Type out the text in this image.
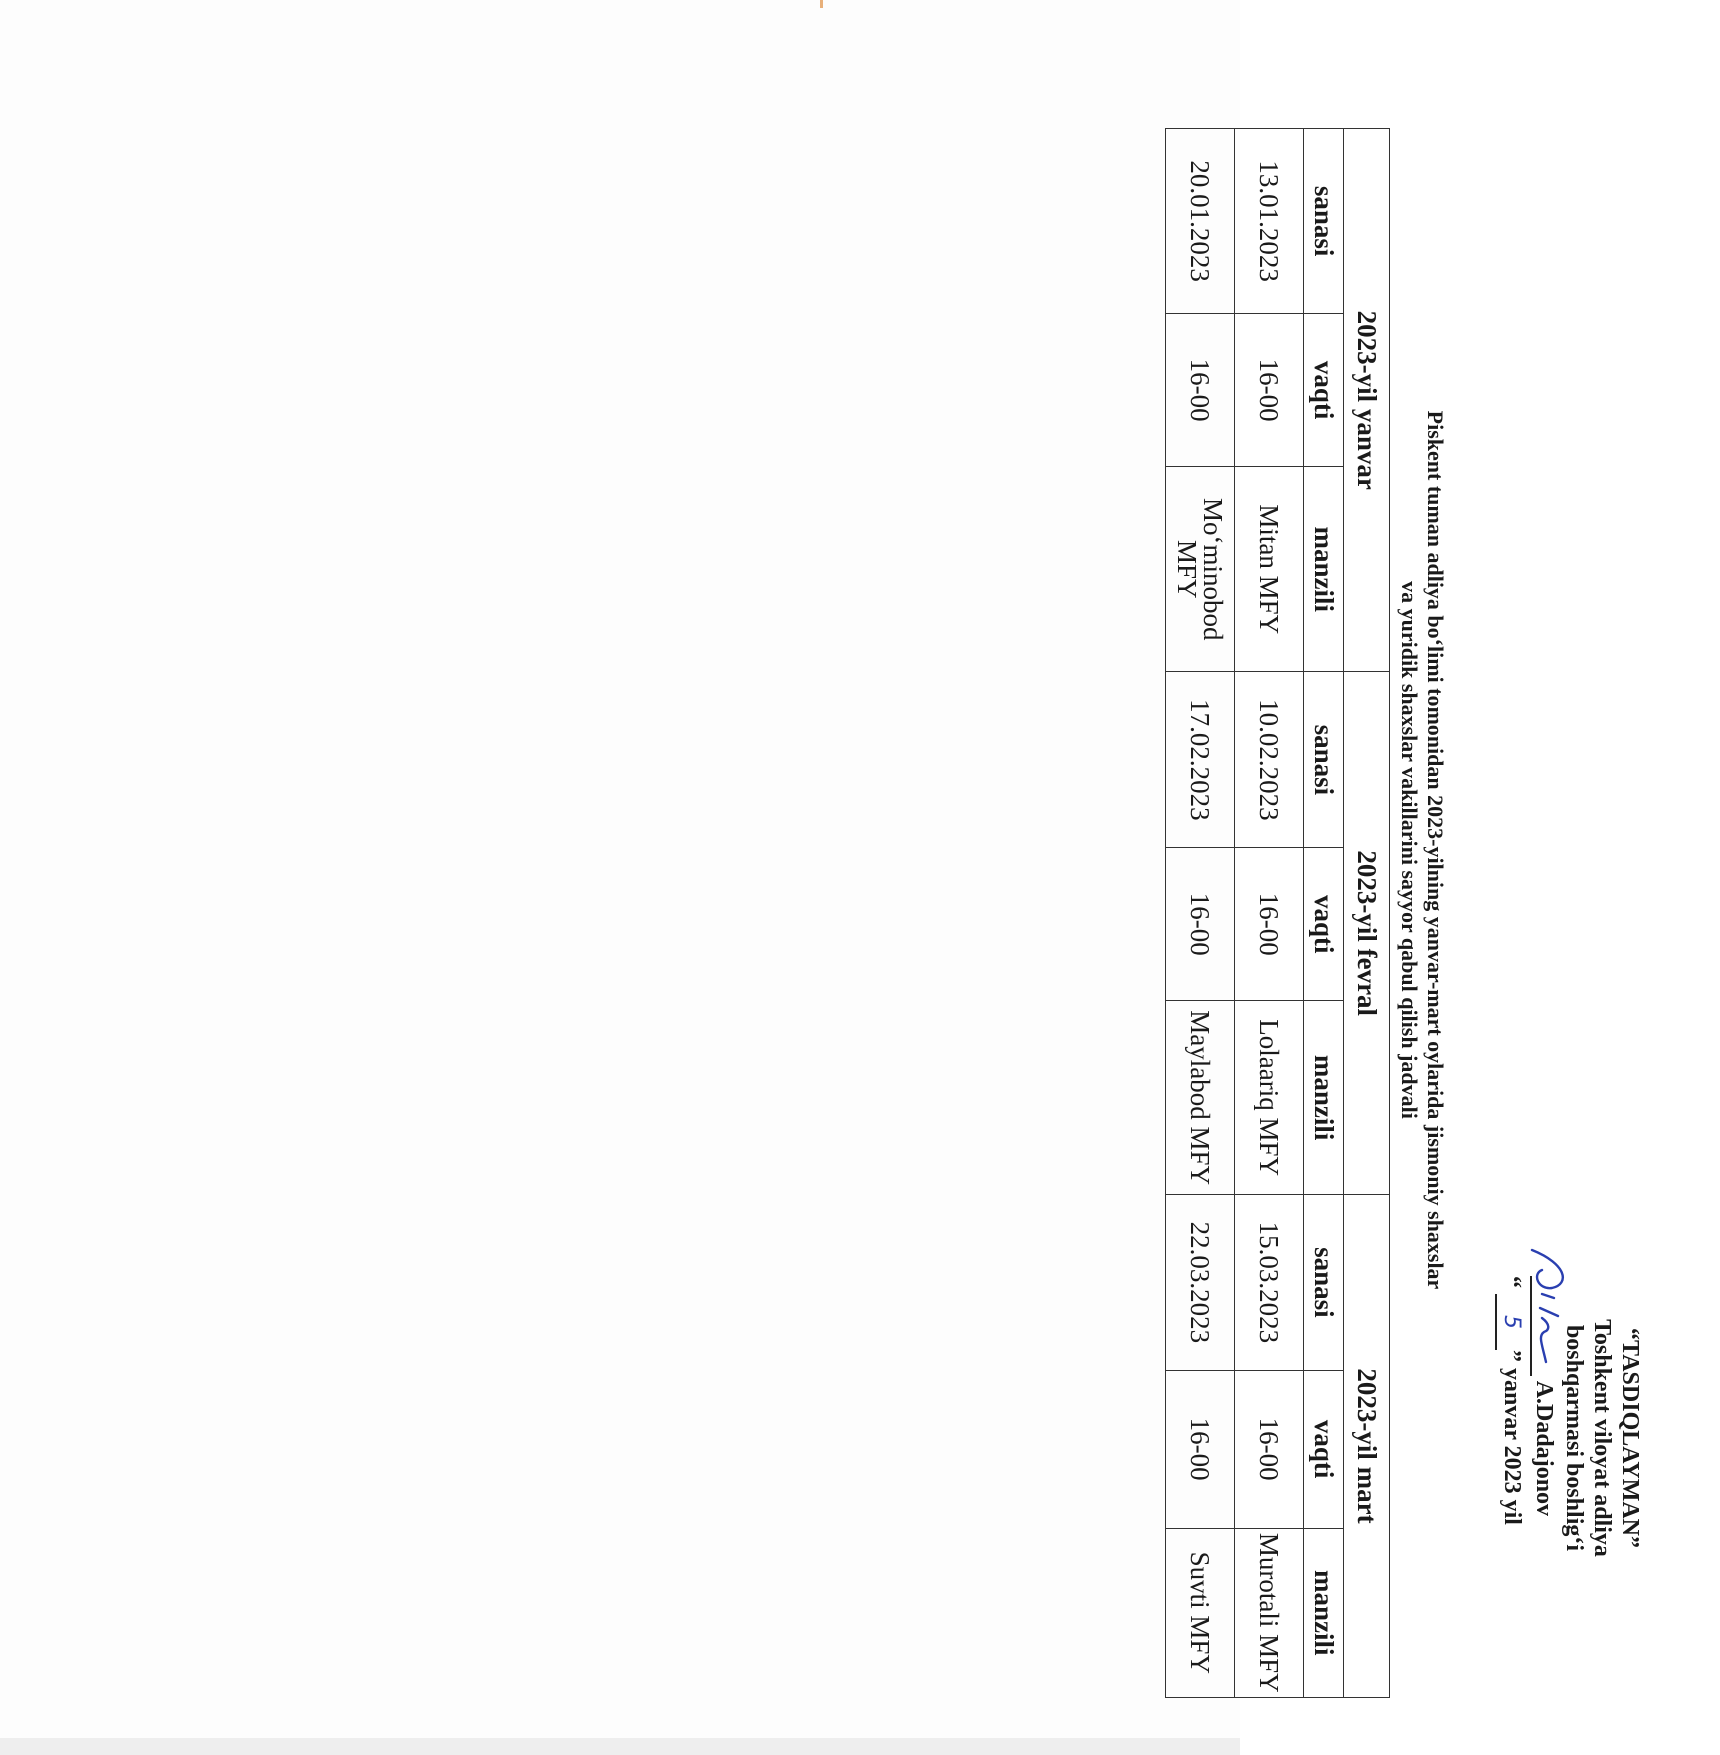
“TASDIQLAYMAN”
Toshkent viloyat adliya
boshqarmasi boshlig‘i
A.Dadajonov
“ 5” yanvar 2023 yil
Piskent tuman adliya bo‘limi tomonidan 2023-yilning yanvar-mart oylarida jismoniy shaxslar
va yuridik shaxslar vakillarini sayyor qabul qilish jadvali
2023-yil yanvar			2023-yil fevral			2023-yil mart		
sanasi	vaqti	manzili	sanasi	vaqti	manzili	sanasi	vaqti	manzili
13.01.2023	16-00	Mitan MFY	10.02.2023	16-00	Lolaariq MFY	15.03.2023	16-00	Murotali MFY
20.01.2023	16-00	Mo‘minobod MFY	17.02.2023	16-00	Maylabod MFY	22.03.2023	16-00	Suvti MFY
